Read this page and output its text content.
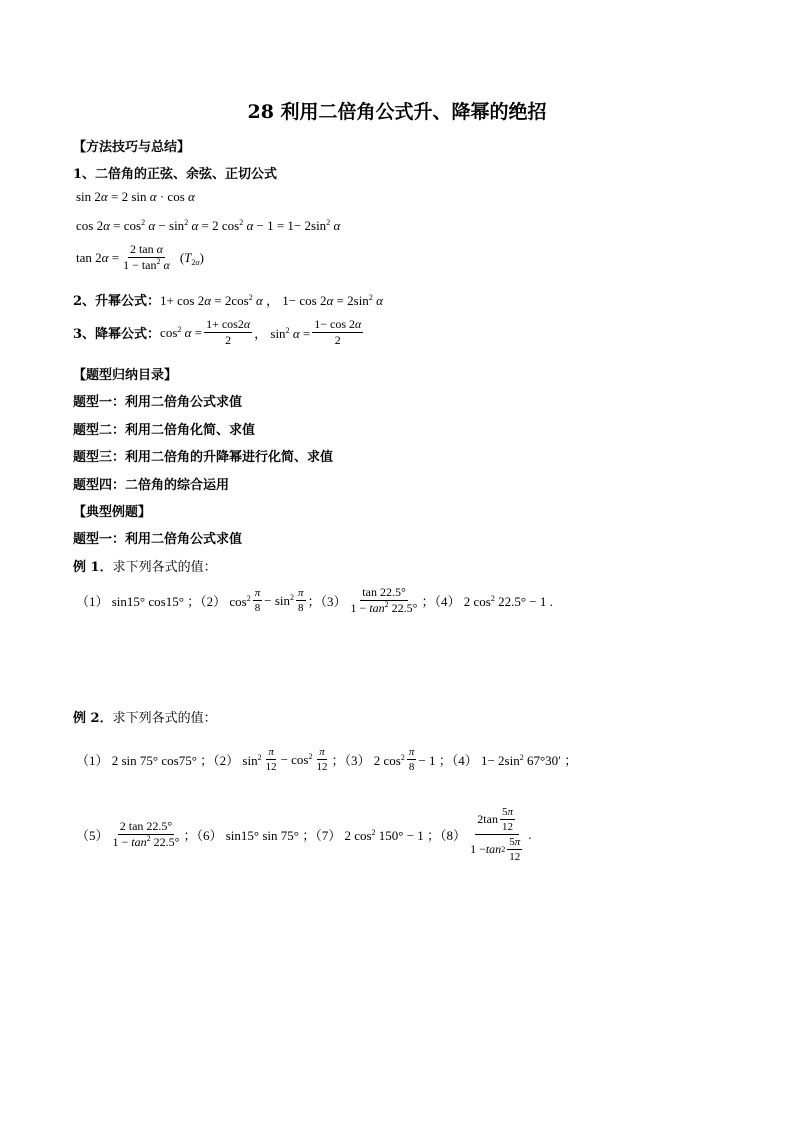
28 利用二倍角公式升、降幂的绝招
【方法技巧与总结】
1、二倍角的正弦、余弦、正切公式
sin 2α = 2 sin α · cos α
$\cos 2\alpha = \cos^2 \alpha - \sin^2 \alpha = 2$ $\cos^2 \alpha - 1 = 1- 2\sin^2$ α
$\tan 2\alpha = \frac{\text{2 tan α}}{1 - \tan^2 \alpha} (T_{2\alpha})$
2、升幂公式： $1+ \cos 2\alpha = 2\cos^2$ α ， $1- \cos 2\alpha = 2\sin^2$ α
3、降幂公式： $\cos^2 \alpha = \frac{1+ \cos 2\alpha}{2}$ ， $\sin^2 \alpha = \frac{1- \cos 2\alpha}{2}$
【题型归纳目录】
题型一：利用二倍角公式求值
题型二：利用二倍角化简、求值
题型三：利用二倍角的升降幂进行化简、求值
题型四：二倍角的综合运用
【典型例题】
题型一：利用二倍角公式求值
例 1．求下列各式的值：
（1） sin15° cos15° ；（2） $\cos^2 \frac{\pi}{8} - \sin^2 \frac{\pi}{8}$ ；$(3) \frac{\tan 22.5^\circ}{1 - \tan^2 22.5^\circ}$ ；（4） 2 $\cos^2 22.5^\circ - 1$ .
例 2．求下列各式的值：
（1） 2 sin 75° cos75° ；（2） $\sin^2 \frac{\pi}{12} - \cos^2 \frac{\pi}{12}$ ；（3） 2 $\cos^2 \frac{\pi}{8} - 1$ ；（4） $1- 2\sin^2$ 67°30′ ；
$(5) \frac{2 \tan 22.5^\circ}{1 - \tan^2 22.5^\circ}$ ；（6） sin15° sin 75° ；（7） 2 $\cos^2 150^\circ - 1$ ；$(8) \frac{2\tan \frac{5\pi}{12}}{1 - \tan 2 \frac{5\pi}{12}}$ .
